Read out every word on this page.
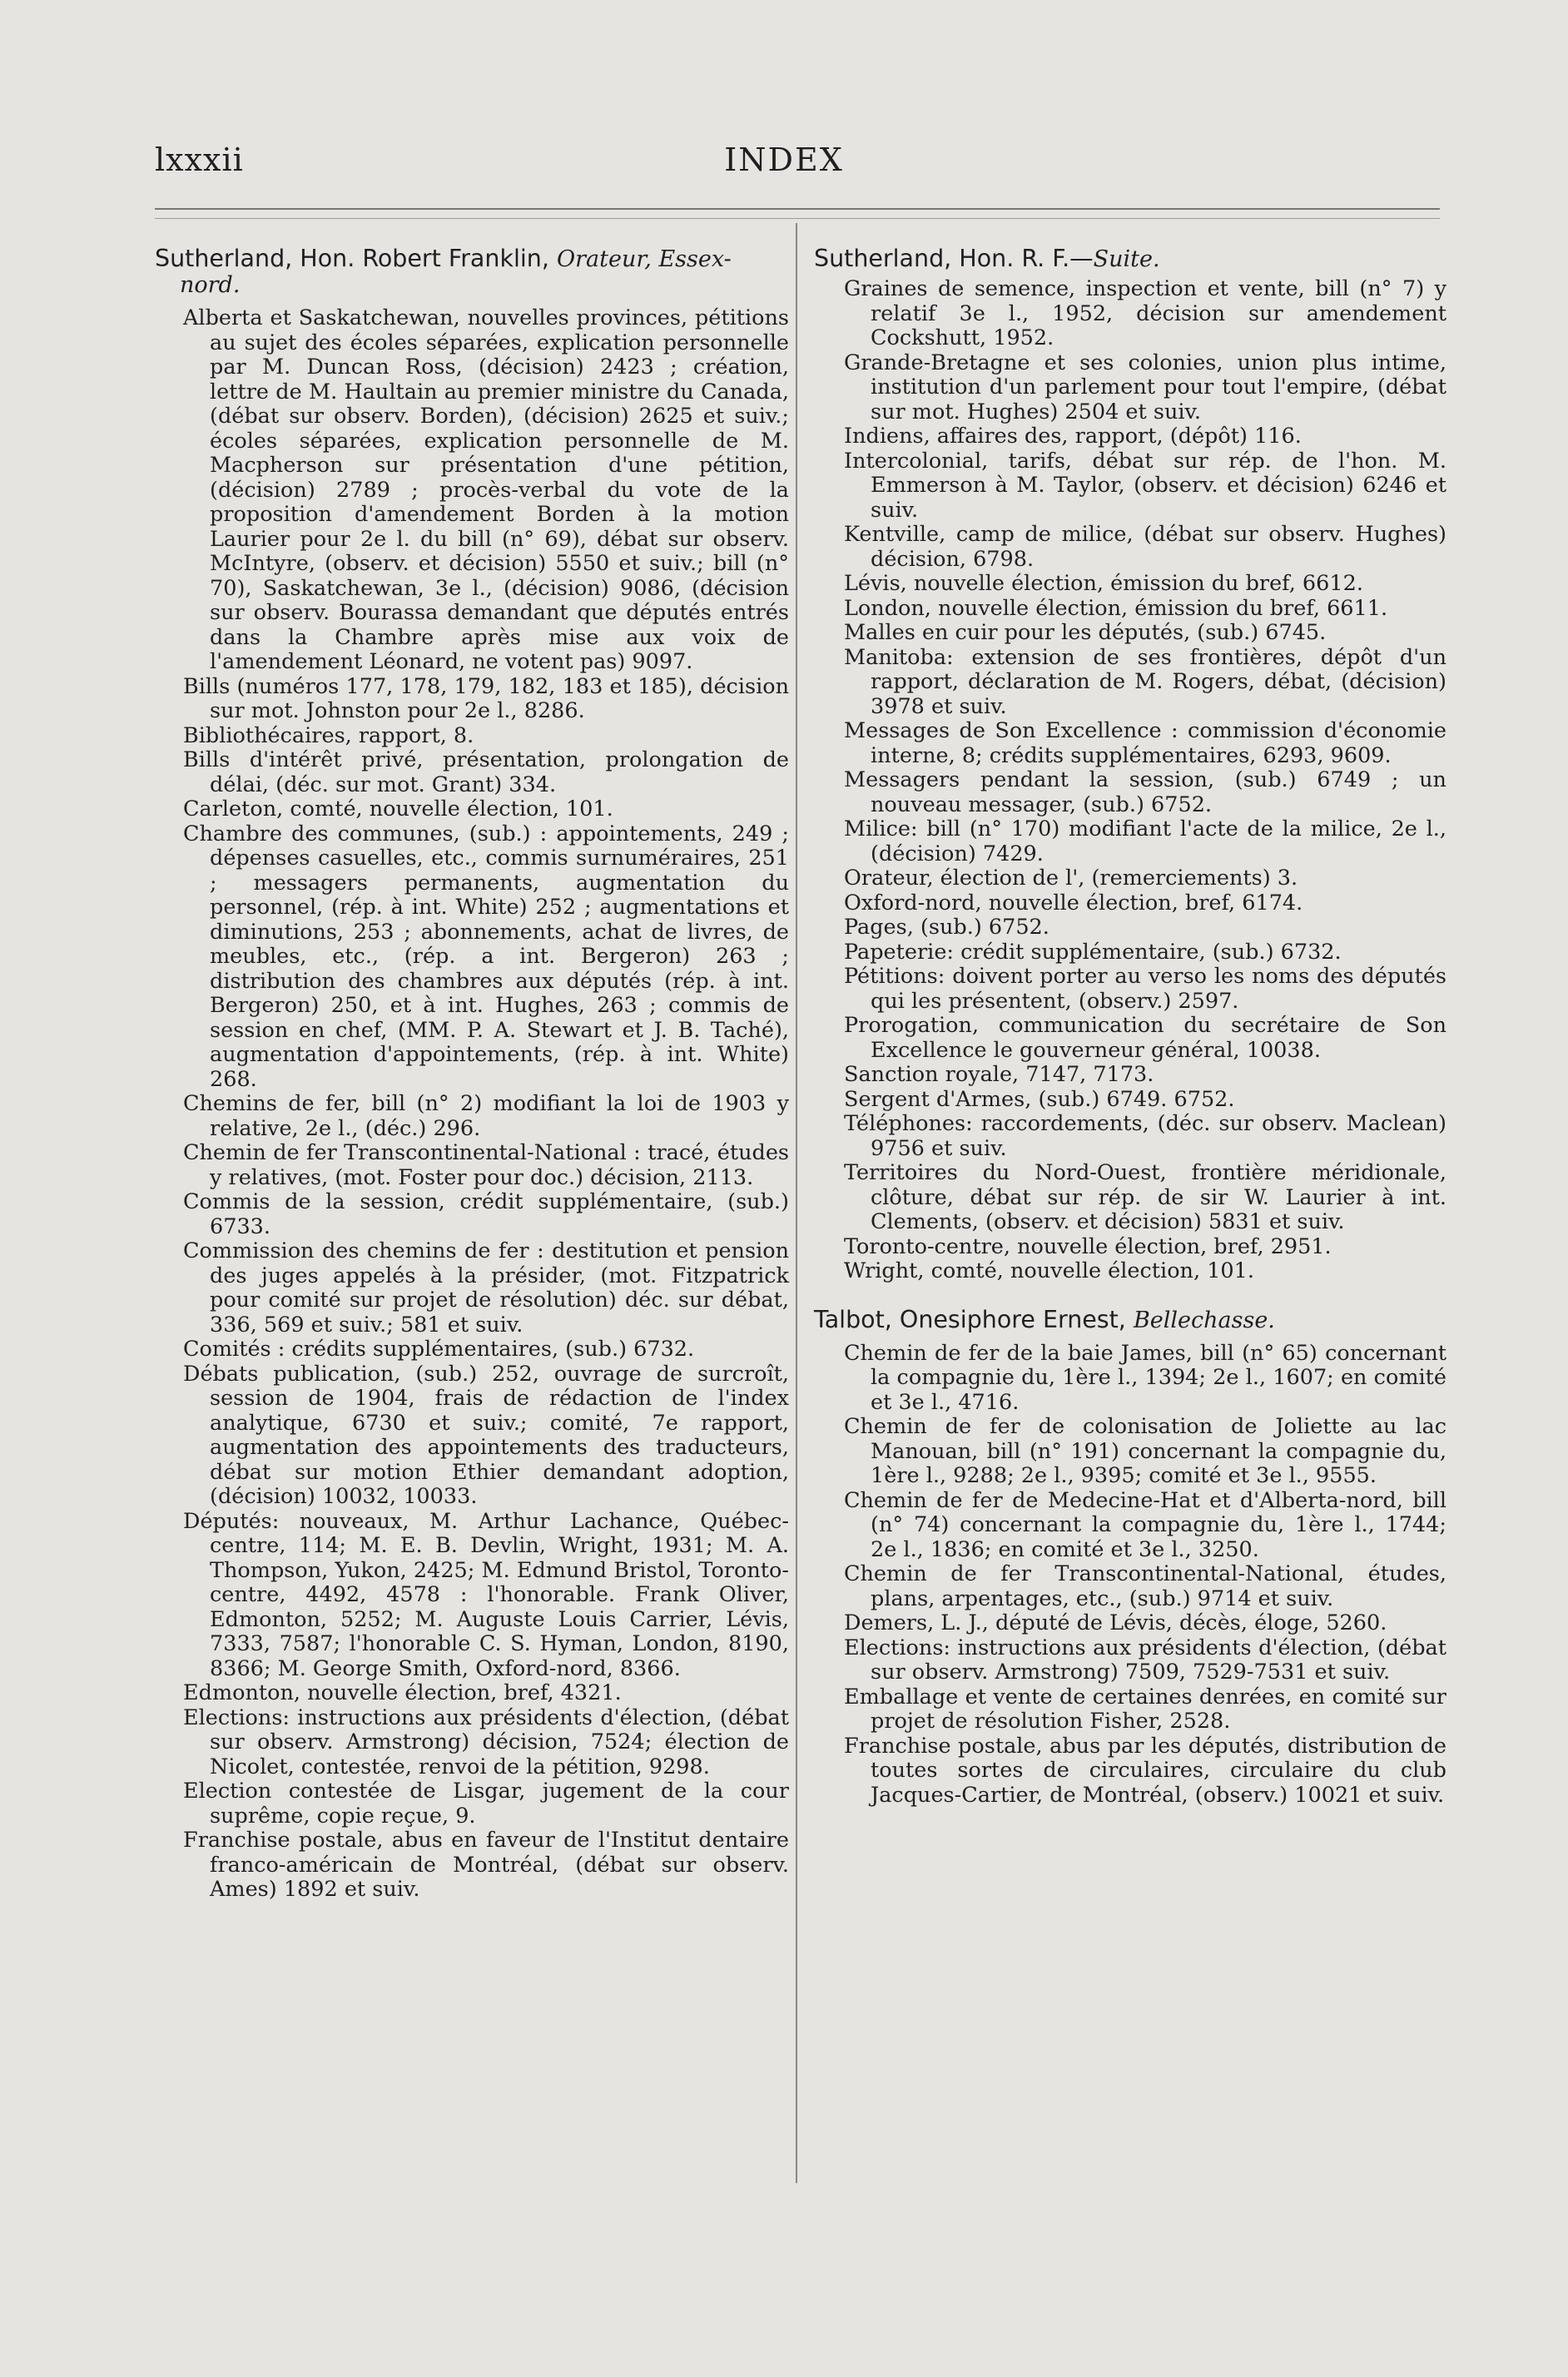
lxxxii	INDEX

Sutherland, Hon. Robert Franklin, Orateur, Essex-nord.

Alberta et Saskatchewan, nouvelles provinces, pétitions au sujet des écoles séparées, explication personnelle par M. Duncan Ross, (décision) 2423 ; création, lettre de M. Haultain au premier ministre du Canada, (débat sur observ. Borden), (décision) 2625 et suiv.; écoles séparées, explication personnelle de M. Macpherson sur présentation d'une pétition, (décision) 2789 ; procès-verbal du vote de la proposition d'amendement Borden à la motion Laurier pour 2e l. du bill (n° 69), débat sur observ. McIntyre, (observ. et décision) 5550 et suiv.; bill (n° 70), Saskatchewan, 3e l., (décision) 9086, (décision sur observ. Bourassa demandant que députés entrés dans la Chambre après mise aux voix de l'amendement Léonard, ne votent pas) 9097.
Bills (numéros 177, 178, 179, 182, 183 et 185), décision sur mot. Johnston pour 2e l., 8286.
Bibliothécaires, rapport, 8.
Bills d'intérêt privé, présentation, prolongation de délai, (déc. sur mot. Grant) 334.
Carleton, comté, nouvelle élection, 101.
Chambre des communes, (sub.) : appointements, 249 ; dépenses casuelles, etc., commis surnuméraires, 251 ; messagers permanents, augmentation du personnel, (rép. à int. White) 252 ; augmentations et diminutions, 253 ; abonnements, achat de livres, de meubles, etc., (rép. a int. Bergeron) 263 ; distribution des chambres aux députés (rép. à int. Bergeron) 250, et à int. Hughes, 263 ; commis de session en chef, (MM. P. A. Stewart et J. B. Taché), augmentation d'appointements, (rép. à int. White) 268.
Chemins de fer, bill (n° 2) modifiant la loi de 1903 y relative, 2e l., (déc.) 296.
Chemin de fer Transcontinental-National : tracé, études y relatives, (mot. Foster pour doc.) décision, 2113.
Commis de la session, crédit supplémentaire, (sub.) 6733.
Commission des chemins de fer : destitution et pension des juges appelés à la présider, (mot. Fitzpatrick pour comité sur projet de résolution) déc. sur débat, 336, 569 et suiv.; 581 et suiv.
Comités : crédits supplémentaires, (sub.) 6732.
Débats publication, (sub.) 252, ouvrage de surcroît, session de 1904, frais de rédaction de l'index analytique, 6730 et suiv.; comité, 7e rapport, augmentation des appointements des traducteurs, débat sur motion Ethier demandant adoption, (décision) 10032, 10033.
Députés: nouveaux, M. Arthur Lachance, Québec-centre, 114; M. E. B. Devlin, Wright, 1931; M. A. Thompson, Yukon, 2425; M. Edmund Bristol, Toronto-centre, 4492, 4578 : l'honorable. Frank Oliver, Edmonton, 5252; M. Auguste Louis Carrier, Lévis, 7333, 7587; l'honorable C. S. Hyman, London, 8190, 8366; M. George Smith, Oxford-nord, 8366.
Edmonton, nouvelle élection, bref, 4321.
Elections: instructions aux présidents d'élection, (débat sur observ. Armstrong) décision, 7524; élection de Nicolet, contestée, renvoi de la pétition, 9298.
Election contestée de Lisgar, jugement de la cour suprême, copie reçue, 9.
Franchise postale, abus en faveur de l'Institut dentaire franco-américain de Montréal, (débat sur observ. Ames) 1892 et suiv.

Sutherland, Hon. R. F.—Suite.

Graines de semence, inspection et vente, bill (n° 7) y relatif 3e l., 1952, décision sur amendement Cockshutt, 1952.
Grande-Bretagne et ses colonies, union plus intime, institution d'un parlement pour tout l'empire, (débat sur mot. Hughes) 2504 et suiv.
Indiens, affaires des, rapport, (dépôt) 116.
Intercolonial, tarifs, débat sur rép. de l'hon. M. Emmerson à M. Taylor, (observ. et décision) 6246 et suiv.
Kentville, camp de milice, (débat sur observ. Hughes) décision, 6798.
Lévis, nouvelle élection, émission du bref, 6612.
London, nouvelle élection, émission du bref, 6611.
Malles en cuir pour les députés, (sub.) 6745.
Manitoba: extension de ses frontières, dépôt d'un rapport, déclaration de M. Rogers, débat, (décision) 3978 et suiv.
Messages de Son Excellence : commission d'économie interne, 8; crédits supplémentaires, 6293, 9609.
Messagers pendant la session, (sub.) 6749 ; un nouveau messager, (sub.) 6752.
Milice: bill (n° 170) modifiant l'acte de la milice, 2e l., (décision) 7429.
Orateur, élection de l', (remerciements) 3.
Oxford-nord, nouvelle élection, bref, 6174.
Pages, (sub.) 6752.
Papeterie: crédit supplémentaire, (sub.) 6732.
Pétitions: doivent porter au verso les noms des députés qui les présentent, (observ.) 2597.
Prorogation, communication du secrétaire de Son Excellence le gouverneur général, 10038.
Sanction royale, 7147, 7173.
Sergent d'Armes, (sub.) 6749. 6752.
Téléphones: raccordements, (déc. sur observ. Maclean) 9756 et suiv.
Territoires du Nord-Ouest, frontière méridionale, clôture, débat sur rép. de sir W. Laurier à int. Clements, (observ. et décision) 5831 et suiv.
Toronto-centre, nouvelle élection, bref, 2951.
Wright, comté, nouvelle élection, 101.

Talbot, Onesiphore Ernest, Bellechasse.

Chemin de fer de la baie James, bill (n° 65) concernant la compagnie du, 1ère l., 1394; 2e l., 1607; en comité et 3e l., 4716.
Chemin de fer de colonisation de Joliette au lac Manouan, bill (n° 191) concernant la compagnie du, 1ère l., 9288; 2e l., 9395; comité et 3e l., 9555.
Chemin de fer de Medecine-Hat et d'Alberta-nord, bill (n° 74) concernant la compagnie du, 1ère l., 1744; 2e l., 1836; en comité et 3e l., 3250.
Chemin de fer Transcontinental-National, études, plans, arpentages, etc., (sub.) 9714 et suiv.
Demers, L. J., député de Lévis, décès, éloge, 5260.
Elections: instructions aux présidents d'élection, (débat sur observ. Armstrong) 7509, 7529-7531 et suiv.
Emballage et vente de certaines denrées, en comité sur projet de résolution Fisher, 2528.
Franchise postale, abus par les députés, distribution de toutes sortes de circulaires, circulaire du club Jacques-Cartier, de Montréal, (observ.) 10021 et suiv.
